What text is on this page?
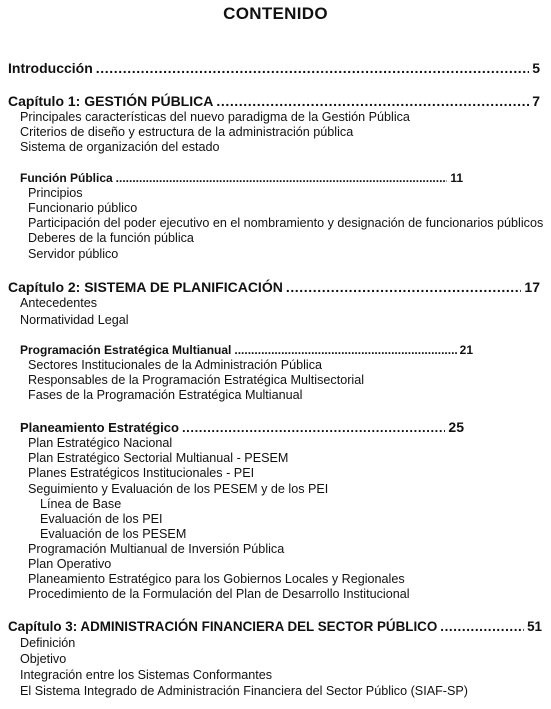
CONTENIDO
Introducción .....	5
Capítulo 1: GESTIÓN PÚBLICA .....	7
Principales características del nuevo paradigma de la Gestión Pública
Criterios de diseño y estructura de la administración pública
Sistema de organización del estado
Función Pública .....	11
Principios
Funcionario público
Participación del poder ejecutivo en el nombramiento y designación de funcionarios públicos
Deberes de la función pública
Servidor público
Capítulo 2: SISTEMA DE PLANIFICACIÓN .....	17
Antecedentes
Normatividad Legal
Programación Estratégica Multianual .....	21
Sectores Institucionales de la Administración Pública
Responsables de la Programación Estratégica Multisectorial
Fases de la Programación Estratégica Multianual
Planeamiento Estratégico .....	25
Plan Estratégico Nacional
Plan Estratégico Sectorial Multianual - PESEM
Planes Estratégicos Institucionales - PEI
Seguimiento y Evaluación de los PESEM y de los PEI
Línea de Base
Evaluación de los PEI
Evaluación de los PESEM
Programación Multianual de Inversión Pública
Plan Operativo
Planeamiento Estratégico para los Gobiernos Locales y Regionales
Procedimiento de la Formulación del Plan de Desarrollo Institucional
Capítulo 3: ADMINISTRACIÓN FINANCIERA DEL SECTOR PÚBLICO .....	51
Definición
Objetivo
Integración entre los Sistemas Conformantes
El Sistema Integrado de Administración Financiera del Sector Público (SIAF-SP)
